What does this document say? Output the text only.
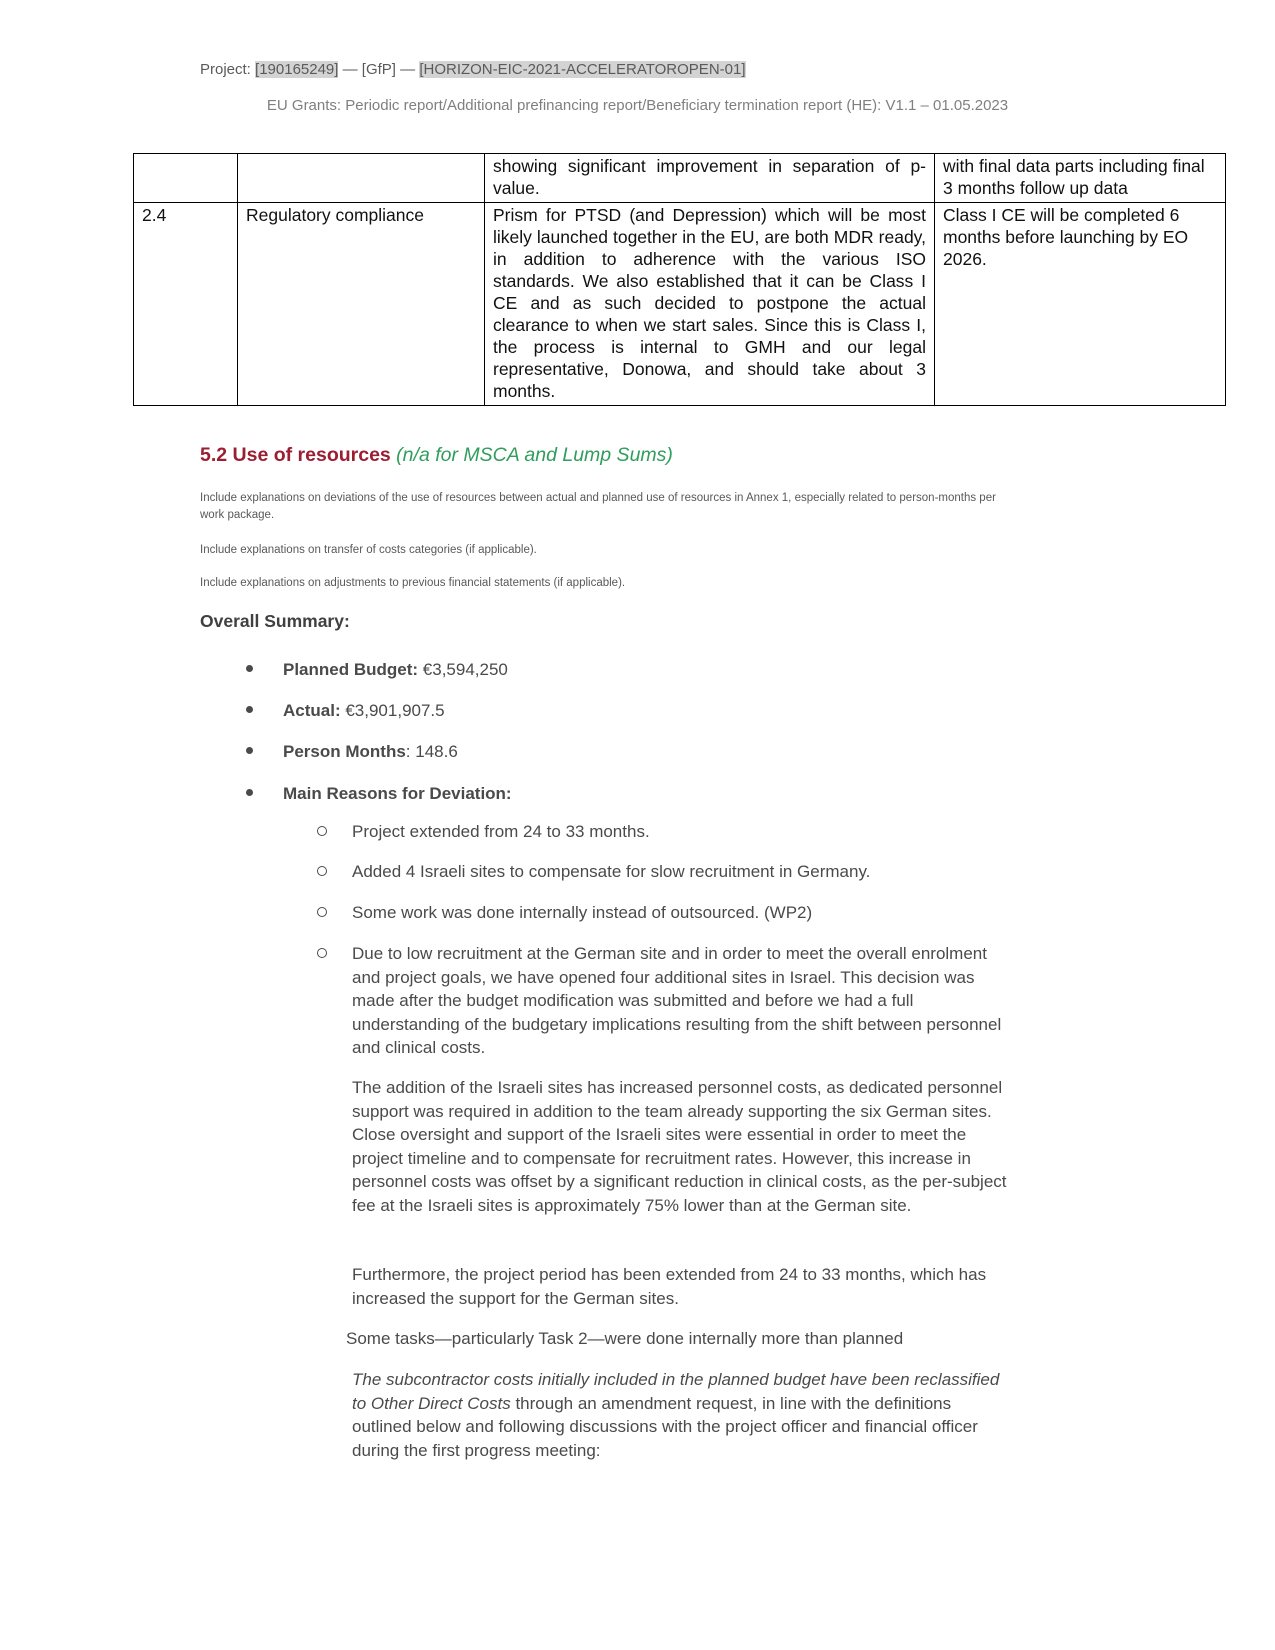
Project: [190165249] — [GfP] — [HORIZON-EIC-2021-ACCELERATOROPEN-01]
EU Grants: Periodic report/Additional prefinancing report/Beneficiary termination report (HE): V1.1 – 01.05.2023
		showing significant improvement in separation of p-value.	with final data parts including final 3 months follow up data
2.4	Regulatory compliance	Prism for PTSD (and Depression) which will be most likely launched together in the EU, are both MDR ready, in addition to adherence with the various ISO standards. We also established that it can be Class I CE and as such decided to postpone the actual clearance to when we start sales. Since this is Class I, the process is internal to GMH and our legal representative, Donowa, and should take about 3 months.	Class I CE will be completed 6 months before launching by EO 2026.
5.2 Use of resources (n/a for MSCA and Lump Sums)
Include explanations on deviations of the use of resources between actual and planned use of resources in Annex 1, especially related to person-months per work package.
Include explanations on transfer of costs categories (if applicable).
Include explanations on adjustments to previous financial statements (if applicable).
Overall Summary:
Planned Budget: €3,594,250
Actual: €3,901,907.5
Person Months: 148.6
Main Reasons for Deviation:
Project extended from 24 to 33 months.
Added 4 Israeli sites to compensate for slow recruitment in Germany.
Some work was done internally instead of outsourced. (WP2)
Due to low recruitment at the German site and in order to meet the overall enrolment and project goals, we have opened four additional sites in Israel. This decision was made after the budget modification was submitted and before we had a full understanding of the budgetary implications resulting from the shift between personnel and clinical costs.
The addition of the Israeli sites has increased personnel costs, as dedicated personnel support was required in addition to the team already supporting the six German sites. Close oversight and support of the Israeli sites were essential in order to meet the project timeline and to compensate for recruitment rates. However, this increase in personnel costs was offset by a significant reduction in clinical costs, as the per-subject fee at the Israeli sites is approximately 75% lower than at the German site.
Furthermore, the project period has been extended from 24 to 33 months, which has increased the support for the German sites.
Some tasks—particularly Task 2—were done internally more than planned
The subcontractor costs initially included in the planned budget have been reclassified to Other Direct Costs through an amendment request, in line with the definitions outlined below and following discussions with the project officer and financial officer during the first progress meeting:
